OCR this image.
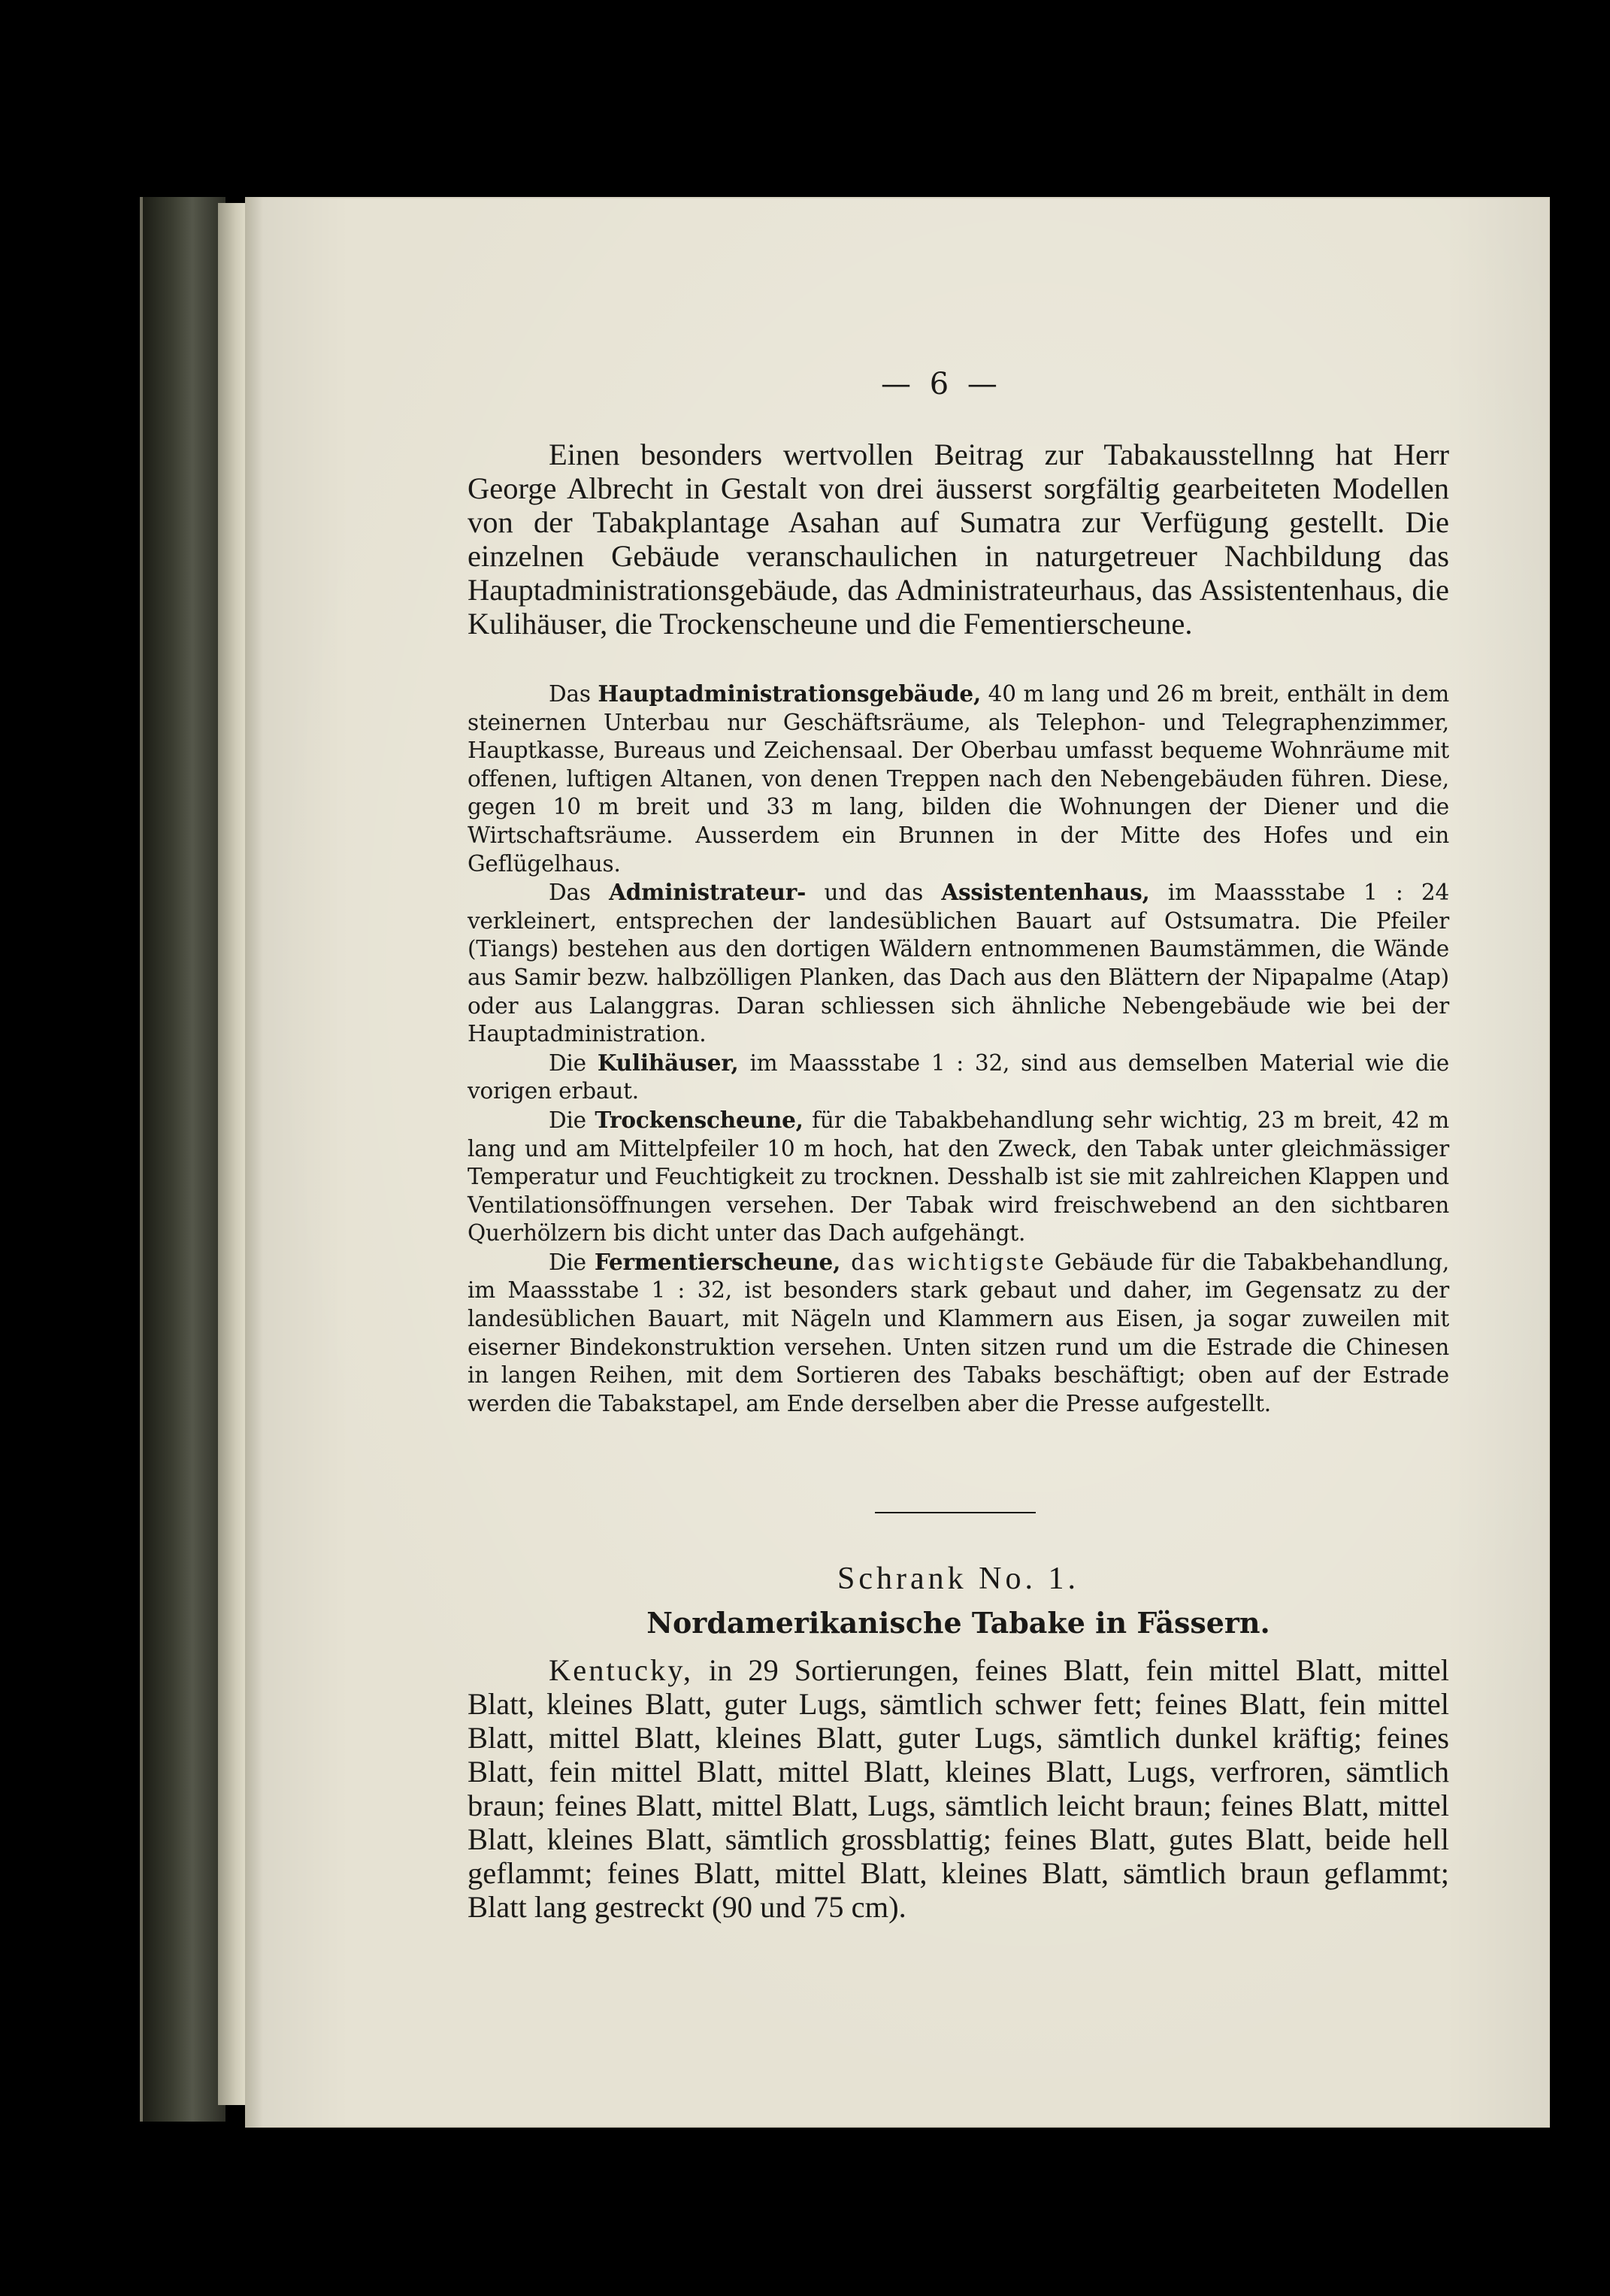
— 6 —

Einen besonders wertvollen Beitrag zur Tabakausstellnng hat Herr George Albrecht in Gestalt von drei äusserst sorgfältig gearbeiteten Modellen von der Tabakplantage Asahan auf Sumatra zur Verfügung gestellt. Die einzelnen Gebäude veranschaulichen in naturgetreuer Nachbildung das Hauptadministrationsgebäude, das Administrateurhaus, das Assistentenhaus, die Kulihäuser, die Trockenscheune und die Fementierscheune.

Das Hauptadministrationsgebäude, 40 m lang und 26 m breit, enthält in dem steinernen Unterbau nur Geschäftsräume, als Telephon- und Telegraphenzimmer, Hauptkasse, Bureaus und Zeichensaal. Der Oberbau umfasst bequeme Wohnräume mit offenen, luftigen Altanen, von denen Treppen nach den Nebengebäuden führen. Diese, gegen 10 m breit und 33 m lang, bilden die Wohnungen der Diener und die Wirtschaftsräume. Ausserdem ein Brunnen in der Mitte des Hofes und ein Geflügelhaus.

Das Administrateur- und das Assistentenhaus, im Maassstabe 1 : 24 verkleinert, entsprechen der landesüblichen Bauart auf Ostsumatra. Die Pfeiler (Tiangs) bestehen aus den dortigen Wäldern entnommenen Baumstämmen, die Wände aus Samir bezw. halbzölligen Planken, das Dach aus den Blättern der Nipapalme (Atap) oder aus Lalanggras. Daran schliessen sich ähnliche Nebengebäude wie bei der Hauptadministration.

Die Kulihäuser, im Maassstabe 1 : 32, sind aus demselben Material wie die vorigen erbaut.

Die Trockenscheune, für die Tabakbehandlung sehr wichtig, 23 m breit, 42 m lang und am Mittelpfeiler 10 m hoch, hat den Zweck, den Tabak unter gleichmässiger Temperatur und Feuchtigkeit zu trocknen. Desshalb ist sie mit zahlreichen Klappen und Ventilationsöffnungen versehen. Der Tabak wird freischwebend an den sichtbaren Querhölzern bis dicht unter das Dach aufgehängt.

Die Fermentierscheune, das wichtigste Gebäude für die Tabakbehandlung, im Maassstabe 1 : 32, ist besonders stark gebaut und daher, im Gegensatz zu der landesüblichen Bauart, mit Nägeln und Klammern aus Eisen, ja sogar zuweilen mit eiserner Bindekonstruktion versehen. Unten sitzen rund um die Estrade die Chinesen in langen Reihen, mit dem Sortieren des Tabaks beschäftigt; oben auf der Estrade werden die Tabakstapel, am Ende derselben aber die Presse aufgestellt.

Schrank No. 1.
Nordamerikanische Tabake in Fässern.

Kentucky, in 29 Sortierungen, feines Blatt, fein mittel Blatt, mittel Blatt, kleines Blatt, guter Lugs, sämtlich schwer fett; feines Blatt, fein mittel Blatt, mittel Blatt, kleines Blatt, guter Lugs, sämtlich dunkel kräftig; feines Blatt, fein mittel Blatt, mittel Blatt, kleines Blatt, Lugs, verfroren, sämtlich braun; feines Blatt, mittel Blatt, Lugs, sämtlich leicht braun; feines Blatt, mittel Blatt, kleines Blatt, sämtlich grossblattig; feines Blatt, gutes Blatt, beide hell geflammt; feines Blatt, mittel Blatt, kleines Blatt, sämtlich braun geflammt; Blatt lang gestreckt (90 und 75 cm).
